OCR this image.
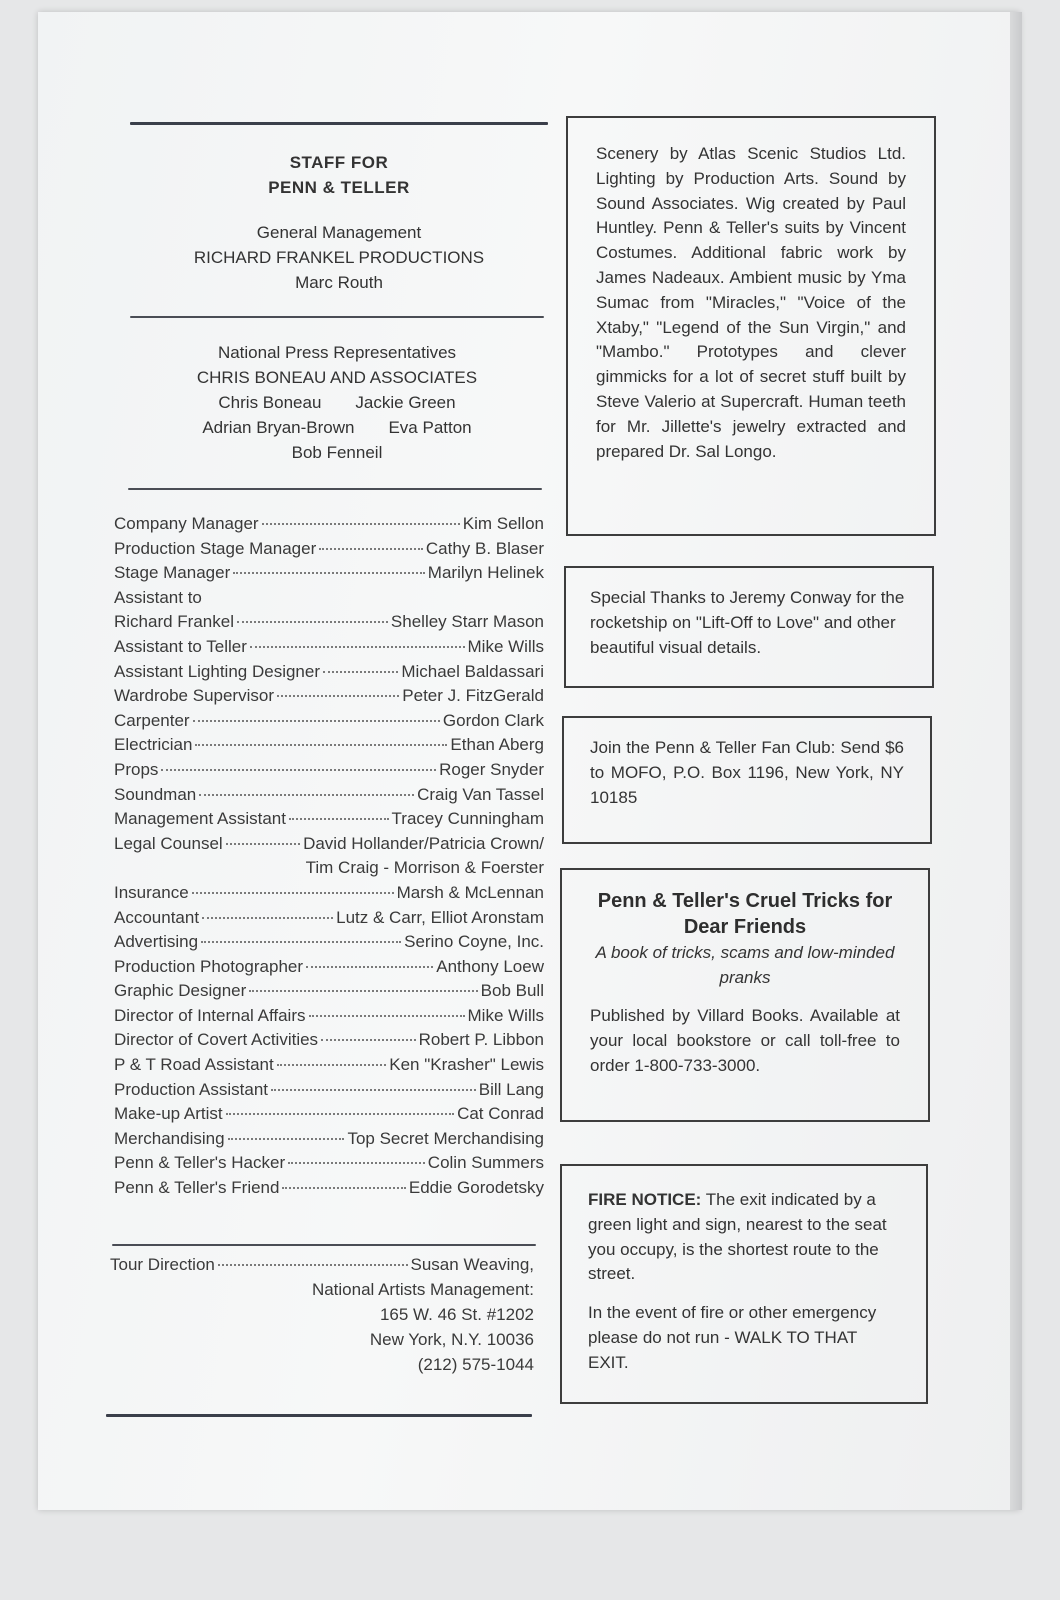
STAFF FOR
PENN & TELLER
General Management
RICHARD FRANKEL PRODUCTIONS
Marc Routh
National Press Representatives
CHRIS BONEAU AND ASSOCIATES
Chris Boneau Jackie Green
Adrian Bryan-Brown Eva Patton
Bob Fenneil
Company Manager	Kim Sellon
Production Stage Manager	Cathy B. Blaser
Stage Manager	Marilyn Helinek
Assistant to
Richard Frankel	Shelley Starr Mason
Assistant to Teller	Mike Wills
Assistant Lighting Designer	Michael Baldassari
Wardrobe Supervisor	Peter J. FitzGerald
Carpenter	Gordon Clark
Electrician	Ethan Aberg
Props	Roger Snyder
Soundman	Craig Van Tassel
Management Assistant	Tracey Cunningham
Legal Counsel	David Hollander/Patricia Crown/
Tim Craig - Morrison & Foerster
Insurance	Marsh & McLennan
Accountant	Lutz & Carr, Elliot Aronstam
Advertising	Serino Coyne, Inc.
Production Photographer	Anthony Loew
Graphic Designer	Bob Bull
Director of Internal Affairs	Mike Wills
Director of Covert Activities	Robert P. Libbon
P & T Road Assistant	Ken "Krasher" Lewis
Production Assistant	Bill Lang
Make-up Artist	Cat Conrad
Merchandising	Top Secret Merchandising
Penn & Teller's Hacker	Colin Summers
Penn & Teller's Friend	Eddie Gorodetsky
Tour Direction	Susan Weaving,
National Artists Management:
165 W. 46 St. #1202
New York, N.Y. 10036
(212) 575-1044

Scenery by Atlas Scenic Studios Ltd. Lighting by Production Arts. Sound by Sound Associates. Wig created by Paul Huntley. Penn & Teller's suits by Vincent Costumes. Additional fabric work by James Nadeaux. Ambient music by Yma Sumac from "Miracles," "Voice of the Xtaby," "Legend of the Sun Virgin," and "Mambo." Prototypes and clever gimmicks for a lot of secret stuff built by Steve Valerio at Supercraft. Human teeth for Mr. Jillette's jewelry extracted and prepared Dr. Sal Longo.

Special Thanks to Jeremy Conway for the rocketship on "Lift-Off to Love" and other beautiful visual details.

Join the Penn & Teller Fan Club: Send $6 to MOFO, P.O. Box 1196, New York, NY 10185

Penn & Teller's Cruel Tricks for Dear Friends
A book of tricks, scams and low-minded pranks

Published by Villard Books. Available at your local bookstore or call toll-free to order 1-800-733-3000.

FIRE NOTICE: The exit indicated by a green light and sign, nearest to the seat you occupy, is the shortest route to the street.

In the event of fire or other emergency please do not run - WALK TO THAT EXIT.
